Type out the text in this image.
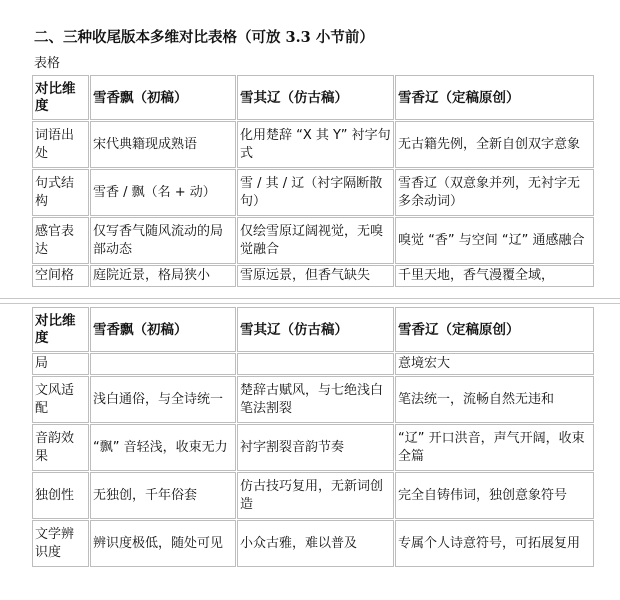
二、三种收尾版本多维对比表格（可放 3.3 小节前）
表格
对比维度	雪香飘（初稿）	雪其辽（仿古稿）	雪香辽（定稿原创）
词语出处	宋代典籍现成熟语	化用楚辞 “X 其 Y” 衬字句式	无古籍先例，全新自创双字意象
句式结构	雪香 / 飘（名 + 动）	雪 / 其 / 辽（衬字隔断散句）	雪香辽（双意象并列，无衬字无多余动词）
感官表达	仅写香气随风流动的局部动态	仅绘雪原辽阔视觉，无嗅觉融合	嗅觉 “香” 与空间 “辽” 通感融合
空间格	庭院近景，格局狭小	雪原远景，但香气缺失	千里天地，香气漫覆全域，
对比维度	雪香飘（初稿）	雪其辽（仿古稿）	雪香辽（定稿原创）
局			意境宏大
文风适配	浅白通俗，与全诗统一	楚辞古赋风，与七绝浅白笔法割裂	笔法统一，流畅自然无违和
音韵效果	“飘” 音轻浅，收束无力	衬字割裂音韵节奏	“辽” 开口洪音，声气开阔，收束全篇
独创性	无独创，千年俗套	仿古技巧复用，无新词创造	完全自铸伟词，独创意象符号
文学辨识度	辨识度极低，随处可见	小众古雅，难以普及	专属个人诗意符号，可拓展复用
